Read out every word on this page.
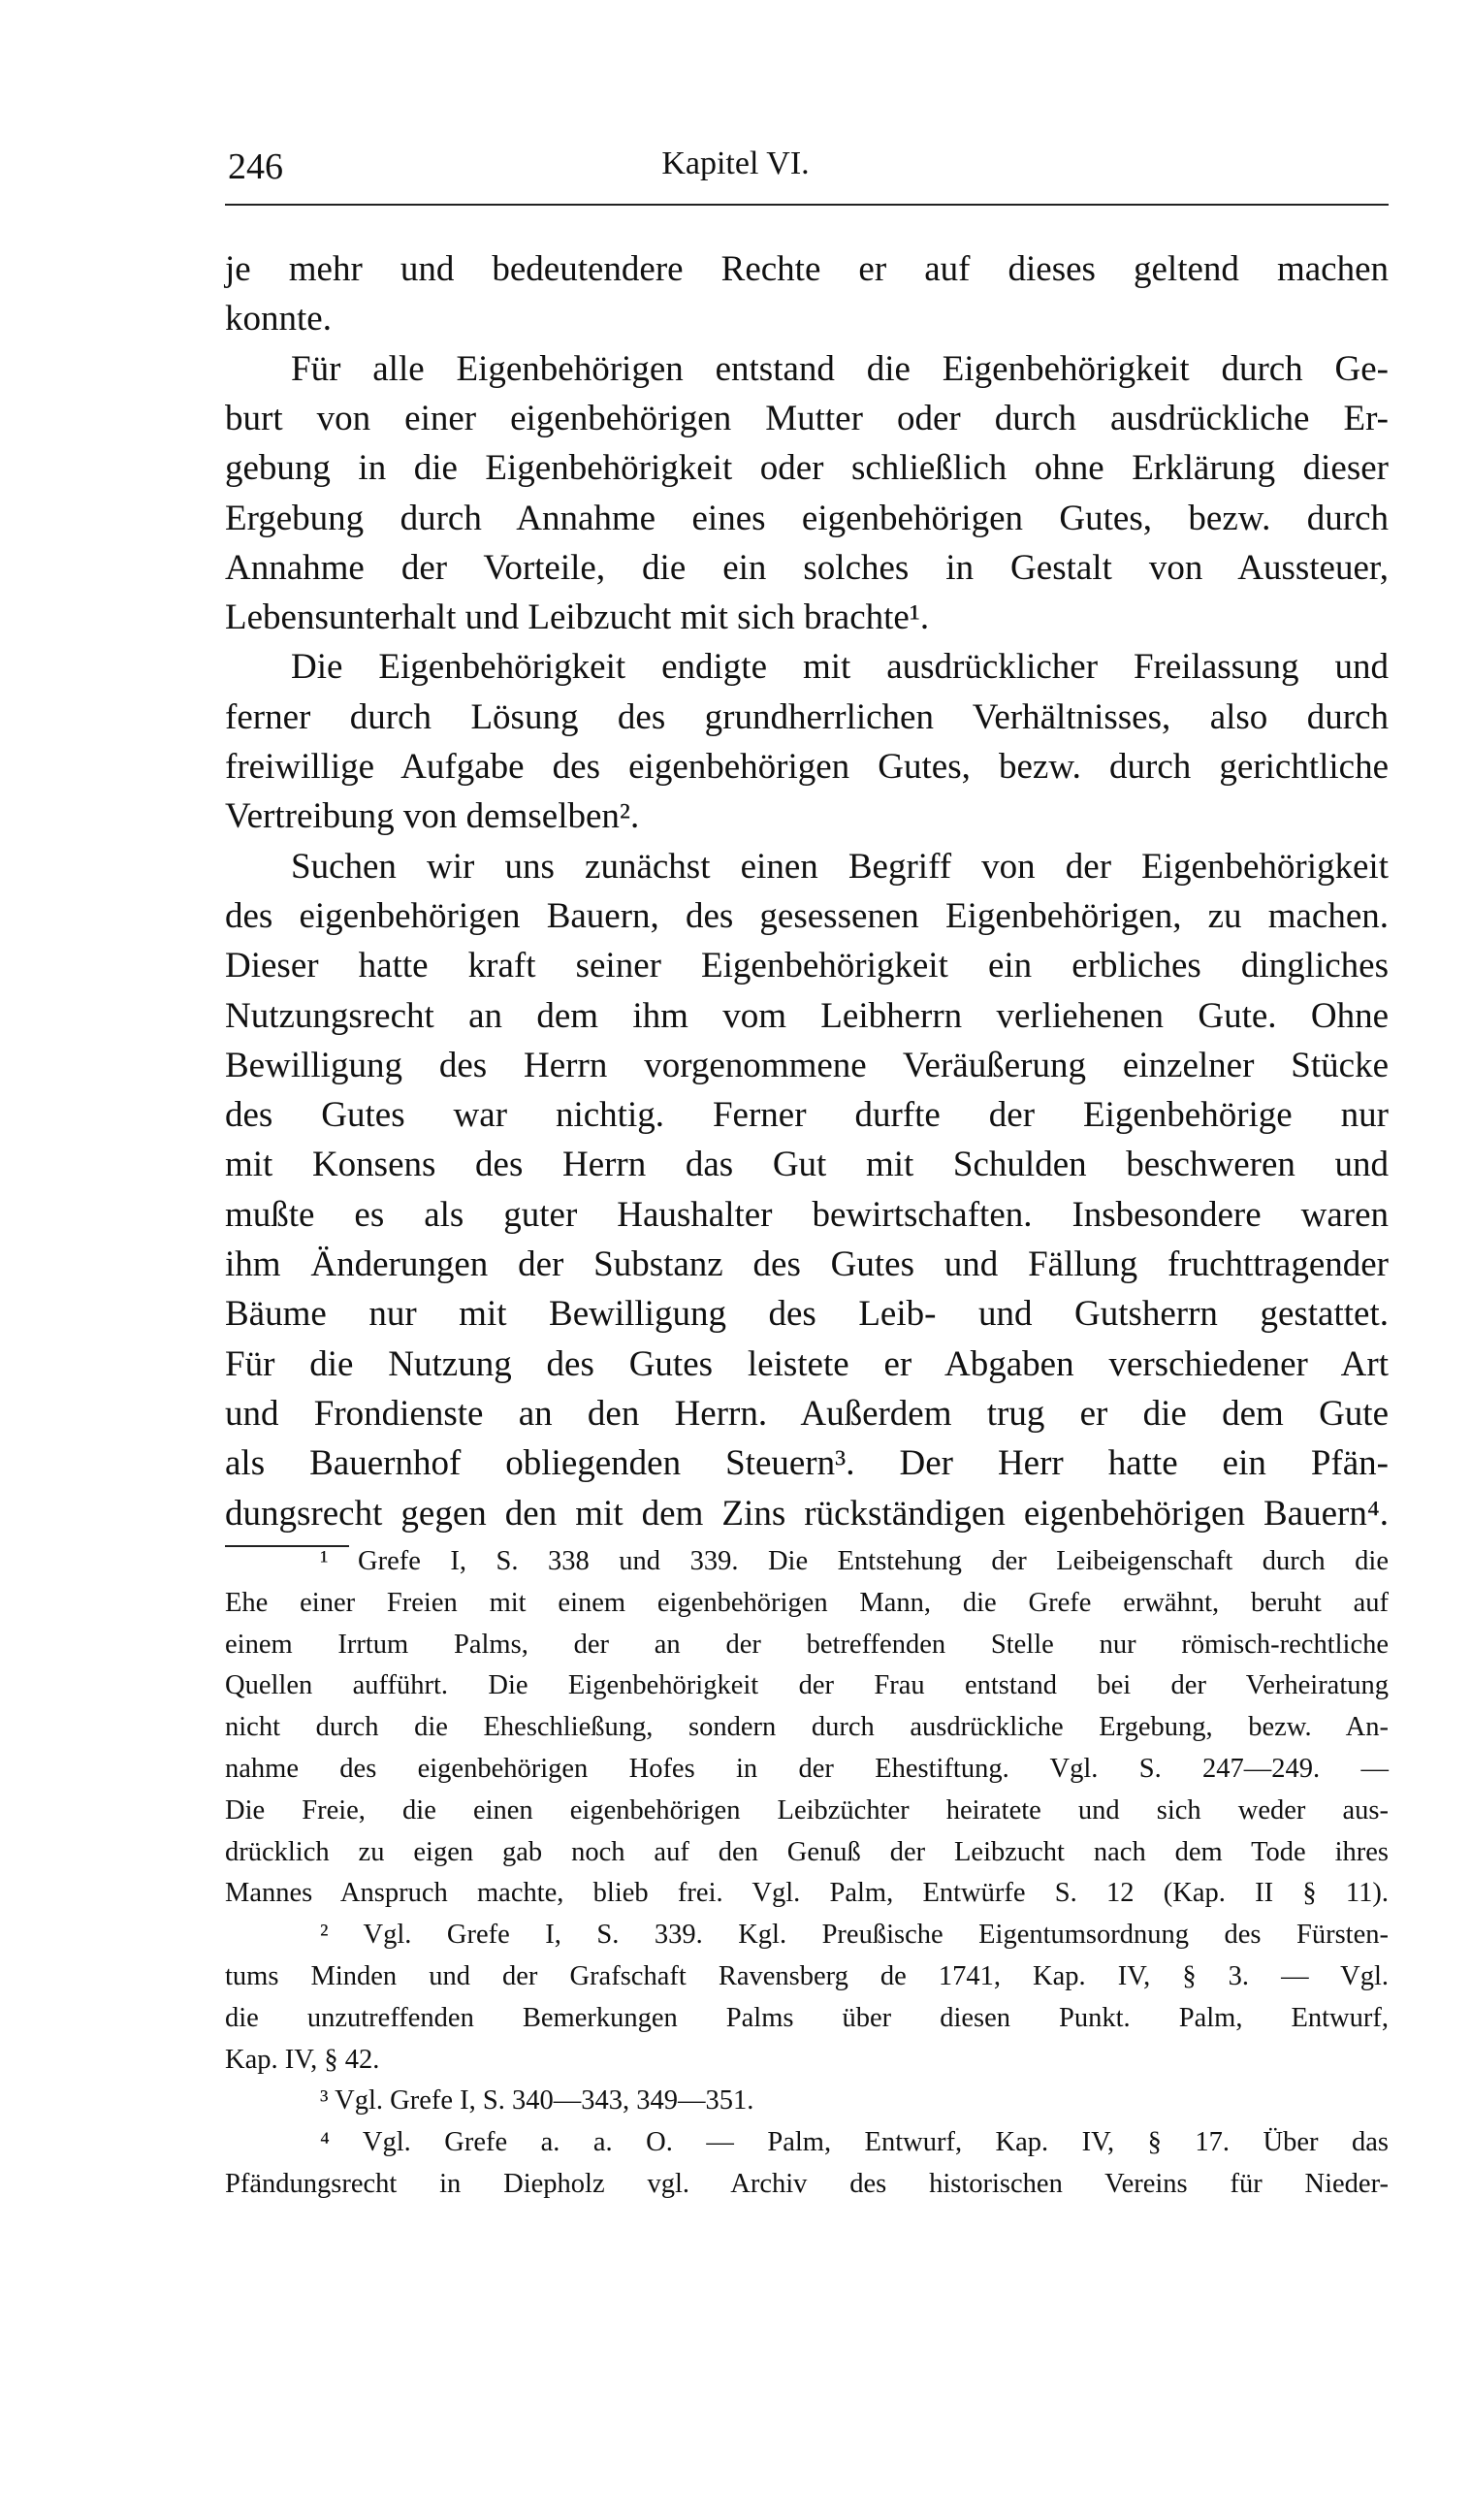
246	Kapitel VI.
je mehr und bedeutendere Rechte er auf dieses geltend machen
konnte.
Für alle Eigenbehörigen entstand die Eigenbehörigkeit durch Ge-
burt von einer eigenbehörigen Mutter oder durch ausdrückliche Er-
gebung in die Eigenbehörigkeit oder schließlich ohne Erklärung dieser
Ergebung durch Annahme eines eigenbehörigen Gutes, bezw. durch
Annahme der Vorteile, die ein solches in Gestalt von Aussteuer,
Lebensunterhalt und Leibzucht mit sich brachte¹.
Die Eigenbehörigkeit endigte mit ausdrücklicher Freilassung und
ferner durch Lösung des grundherrlichen Verhältnisses, also durch
freiwillige Aufgabe des eigenbehörigen Gutes, bezw. durch gerichtliche
Vertreibung von demselben².
Suchen wir uns zunächst einen Begriff von der Eigenbehörigkeit
des eigenbehörigen Bauern, des gesessenen Eigenbehörigen, zu machen.
Dieser hatte kraft seiner Eigenbehörigkeit ein erbliches dingliches
Nutzungsrecht an dem ihm vom Leibherrn verliehenen Gute. Ohne
Bewilligung des Herrn vorgenommene Veräußerung einzelner Stücke
des Gutes war nichtig. Ferner durfte der Eigenbehörige nur
mit Konsens des Herrn das Gut mit Schulden beschweren und
mußte es als guter Haushalter bewirtschaften. Insbesondere waren
ihm Änderungen der Substanz des Gutes und Fällung fruchttragender
Bäume nur mit Bewilligung des Leib- und Gutsherrn gestattet.
Für die Nutzung des Gutes leistete er Abgaben verschiedener Art
und Frondienste an den Herrn. Außerdem trug er die dem Gute
als Bauernhof obliegenden Steuern³. Der Herr hatte ein Pfän-
dungsrecht gegen den mit dem Zins rückständigen eigenbehörigen Bauern⁴.
¹ Grefe I, S. 338 und 339. Die Entstehung der Leibeigenschaft durch die
Ehe einer Freien mit einem eigenbehörigen Mann, die Grefe erwähnt, beruht auf
einem Irrtum Palms, der an der betreffenden Stelle nur römisch-rechtliche
Quellen aufführt. Die Eigenbehörigkeit der Frau entstand bei der Verheiratung
nicht durch die Eheschließung, sondern durch ausdrückliche Ergebung, bezw. An-
nahme des eigenbehörigen Hofes in der Ehestiftung. Vgl. S. 247—249. —
Die Freie, die einen eigenbehörigen Leibzüchter heiratete und sich weder aus-
drücklich zu eigen gab noch auf den Genuß der Leibzucht nach dem Tode ihres
Mannes Anspruch machte, blieb frei. Vgl. Palm, Entwürfe S. 12 (Kap. II § 11).
² Vgl. Grefe I, S. 339. Kgl. Preußische Eigentumsordnung des Fürsten-
tums Minden und der Grafschaft Ravensberg de 1741, Kap. IV, § 3. — Vgl.
die unzutreffenden Bemerkungen Palms über diesen Punkt. Palm, Entwurf,
Kap. IV, § 42.
³ Vgl. Grefe I, S. 340—343, 349—351.
⁴ Vgl. Grefe a. a. O. — Palm, Entwurf, Kap. IV, § 17. Über das
Pfändungsrecht in Diepholz vgl. Archiv des historischen Vereins für Nieder-
